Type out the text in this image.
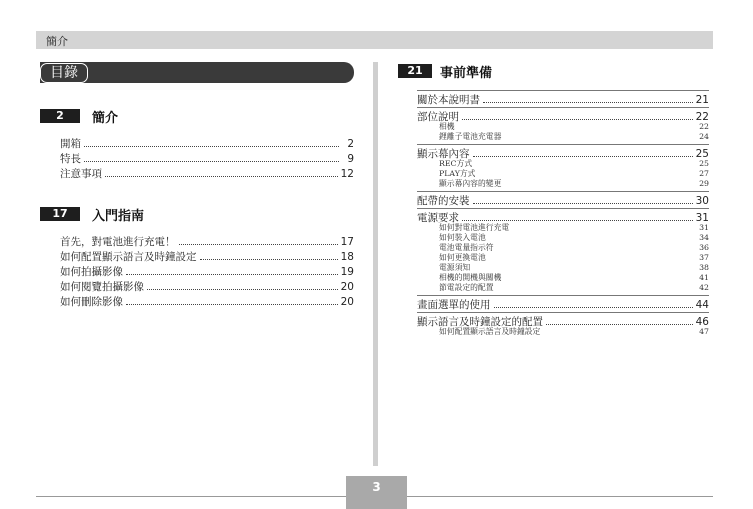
簡介
目錄
2	簡介
開箱	2
特長	9
注意事項	12
17	入門指南
首先，對電池進行充電！	17
如何配置顯示語言及時鐘設定	18
如何拍攝影像	19
如何閱覽拍攝影像	20
如何刪除影像	20
21	事前準備
關於本說明書	21
部位說明	22
相機	22
鋰離子電池充電器	24
顯示幕內容	25
REC方式	25
PLAY方式	27
顯示幕內容的變更	29
配帶的安裝	30
電源要求	31
如何對電池進行充電	31
如何裝入電池	34
電池電量指示符	36
如何更換電池	37
電源須知	38
相機的開機與關機	41
節電設定的配置	42
畫面選單的使用	44
顯示語言及時鐘設定的配置	46
如何配置顯示語言及時鐘設定	47
3
